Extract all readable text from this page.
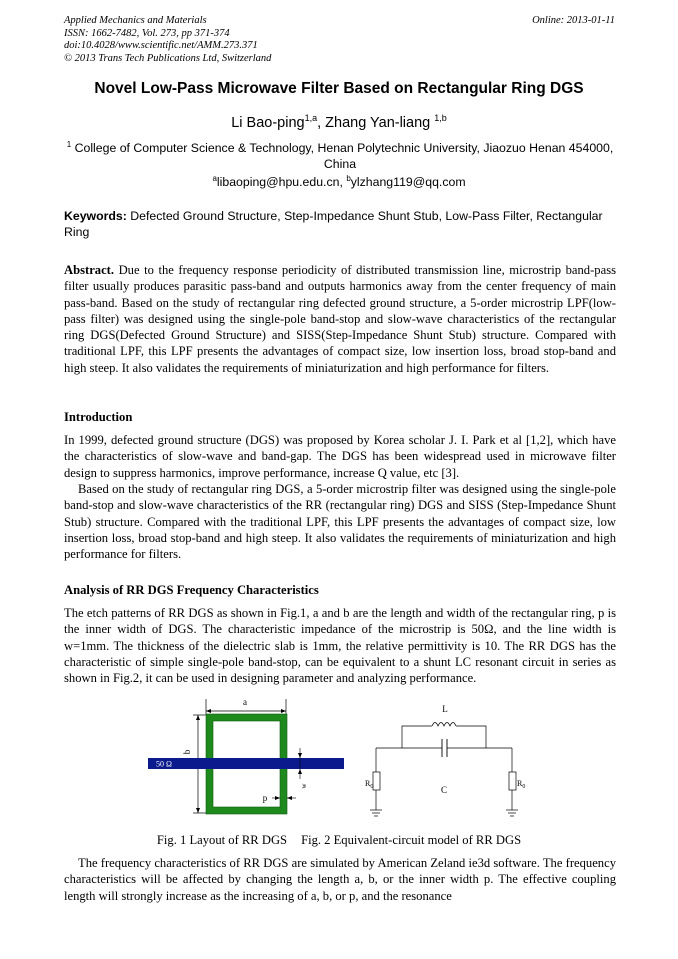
Applied Mechanics and Materials
ISSN: 1662-7482, Vol. 273, pp 371-374
doi:10.4028/www.scientific.net/AMM.273.371
© 2013 Trans Tech Publications Ltd, Switzerland
Online: 2013-01-11
Novel Low-Pass Microwave Filter Based on Rectangular Ring DGS
Li Bao-ping$^{1,a}$, Zhang Yan-liang $^{1,b}$
$^1$ College of Computer Science & Technology, Henan Polytechnic University, Jiaozuo Henan 454000, China
$^a$libaoping@hpu.edu.cn, $^b$ylzhang119@qq.com
Keywords: Defected Ground Structure, Step-Impedance Shunt Stub, Low-Pass Filter, Rectangular Ring
Abstract. Due to the frequency response periodicity of distributed transmission line, microstrip band-pass filter usually produces parasitic pass-band and outputs harmonics away from the center frequency of main pass-band. Based on the study of rectangular ring defected ground structure, a 5-order microstrip LPF(low-pass filter) was designed using the single-pole band-stop and slow-wave characteristics of the rectangular ring DGS(Defected Ground Structure) and SISS(Step-Impedance Shunt Stub) structure. Compared with traditional LPF, this LPF presents the advantages of compact size, low insertion loss, broad stop-band and high steep. It also validates the requirements of miniaturization and high performance for filters.
Introduction
In 1999, defected ground structure (DGS) was proposed by Korea scholar J. I. Park et al [1,2], which have the characteristics of slow-wave and band-gap. The DGS has been widespread used in microwave filter design to suppress harmonics, improve performance, increase Q value, etc [3].
Based on the study of rectangular ring DGS, a 5-order microstrip filter was designed using the single-pole band-stop and slow-wave characteristics of the RR (rectangular ring) DGS and SISS (Step-Impedance Shunt Stub) structure. Compared with the traditional LPF, this LPF presents the advantages of compact size, low insertion loss, broad stop-band and high steep. It also validates the requirements of miniaturization and high performance for filters.
Analysis of RR DGS Frequency Characteristics
The etch patterns of RR DGS as shown in Fig.1, a and b are the length and width of the rectangular ring, p is the inner width of DGS. The characteristic impedance of the microstrip is 50Ω, and the line width is w=1mm. The thickness of the dielectric slab is 1mm, the relative permittivity is 10. The RR DGS has the characteristic of simple single-pole band-stop, can be equivalent to a shunt LC resonant circuit in series as shown in Fig.2, it can be used in designing parameter and analyzing performance.
a
b
50 Ω
w
p
L
C
$R_0$	$R_0$
Fig. 1 Layout of RR DGS Fig. 2 Equivalent-circuit model of RR DGS
The frequency characteristics of RR DGS are simulated by American Zeland ie3d software. The frequency characteristics will be affected by changing the length a, b, or the inner width p. The effective coupling length will strongly increase as the increasing of a, b, or p, and the resonance
